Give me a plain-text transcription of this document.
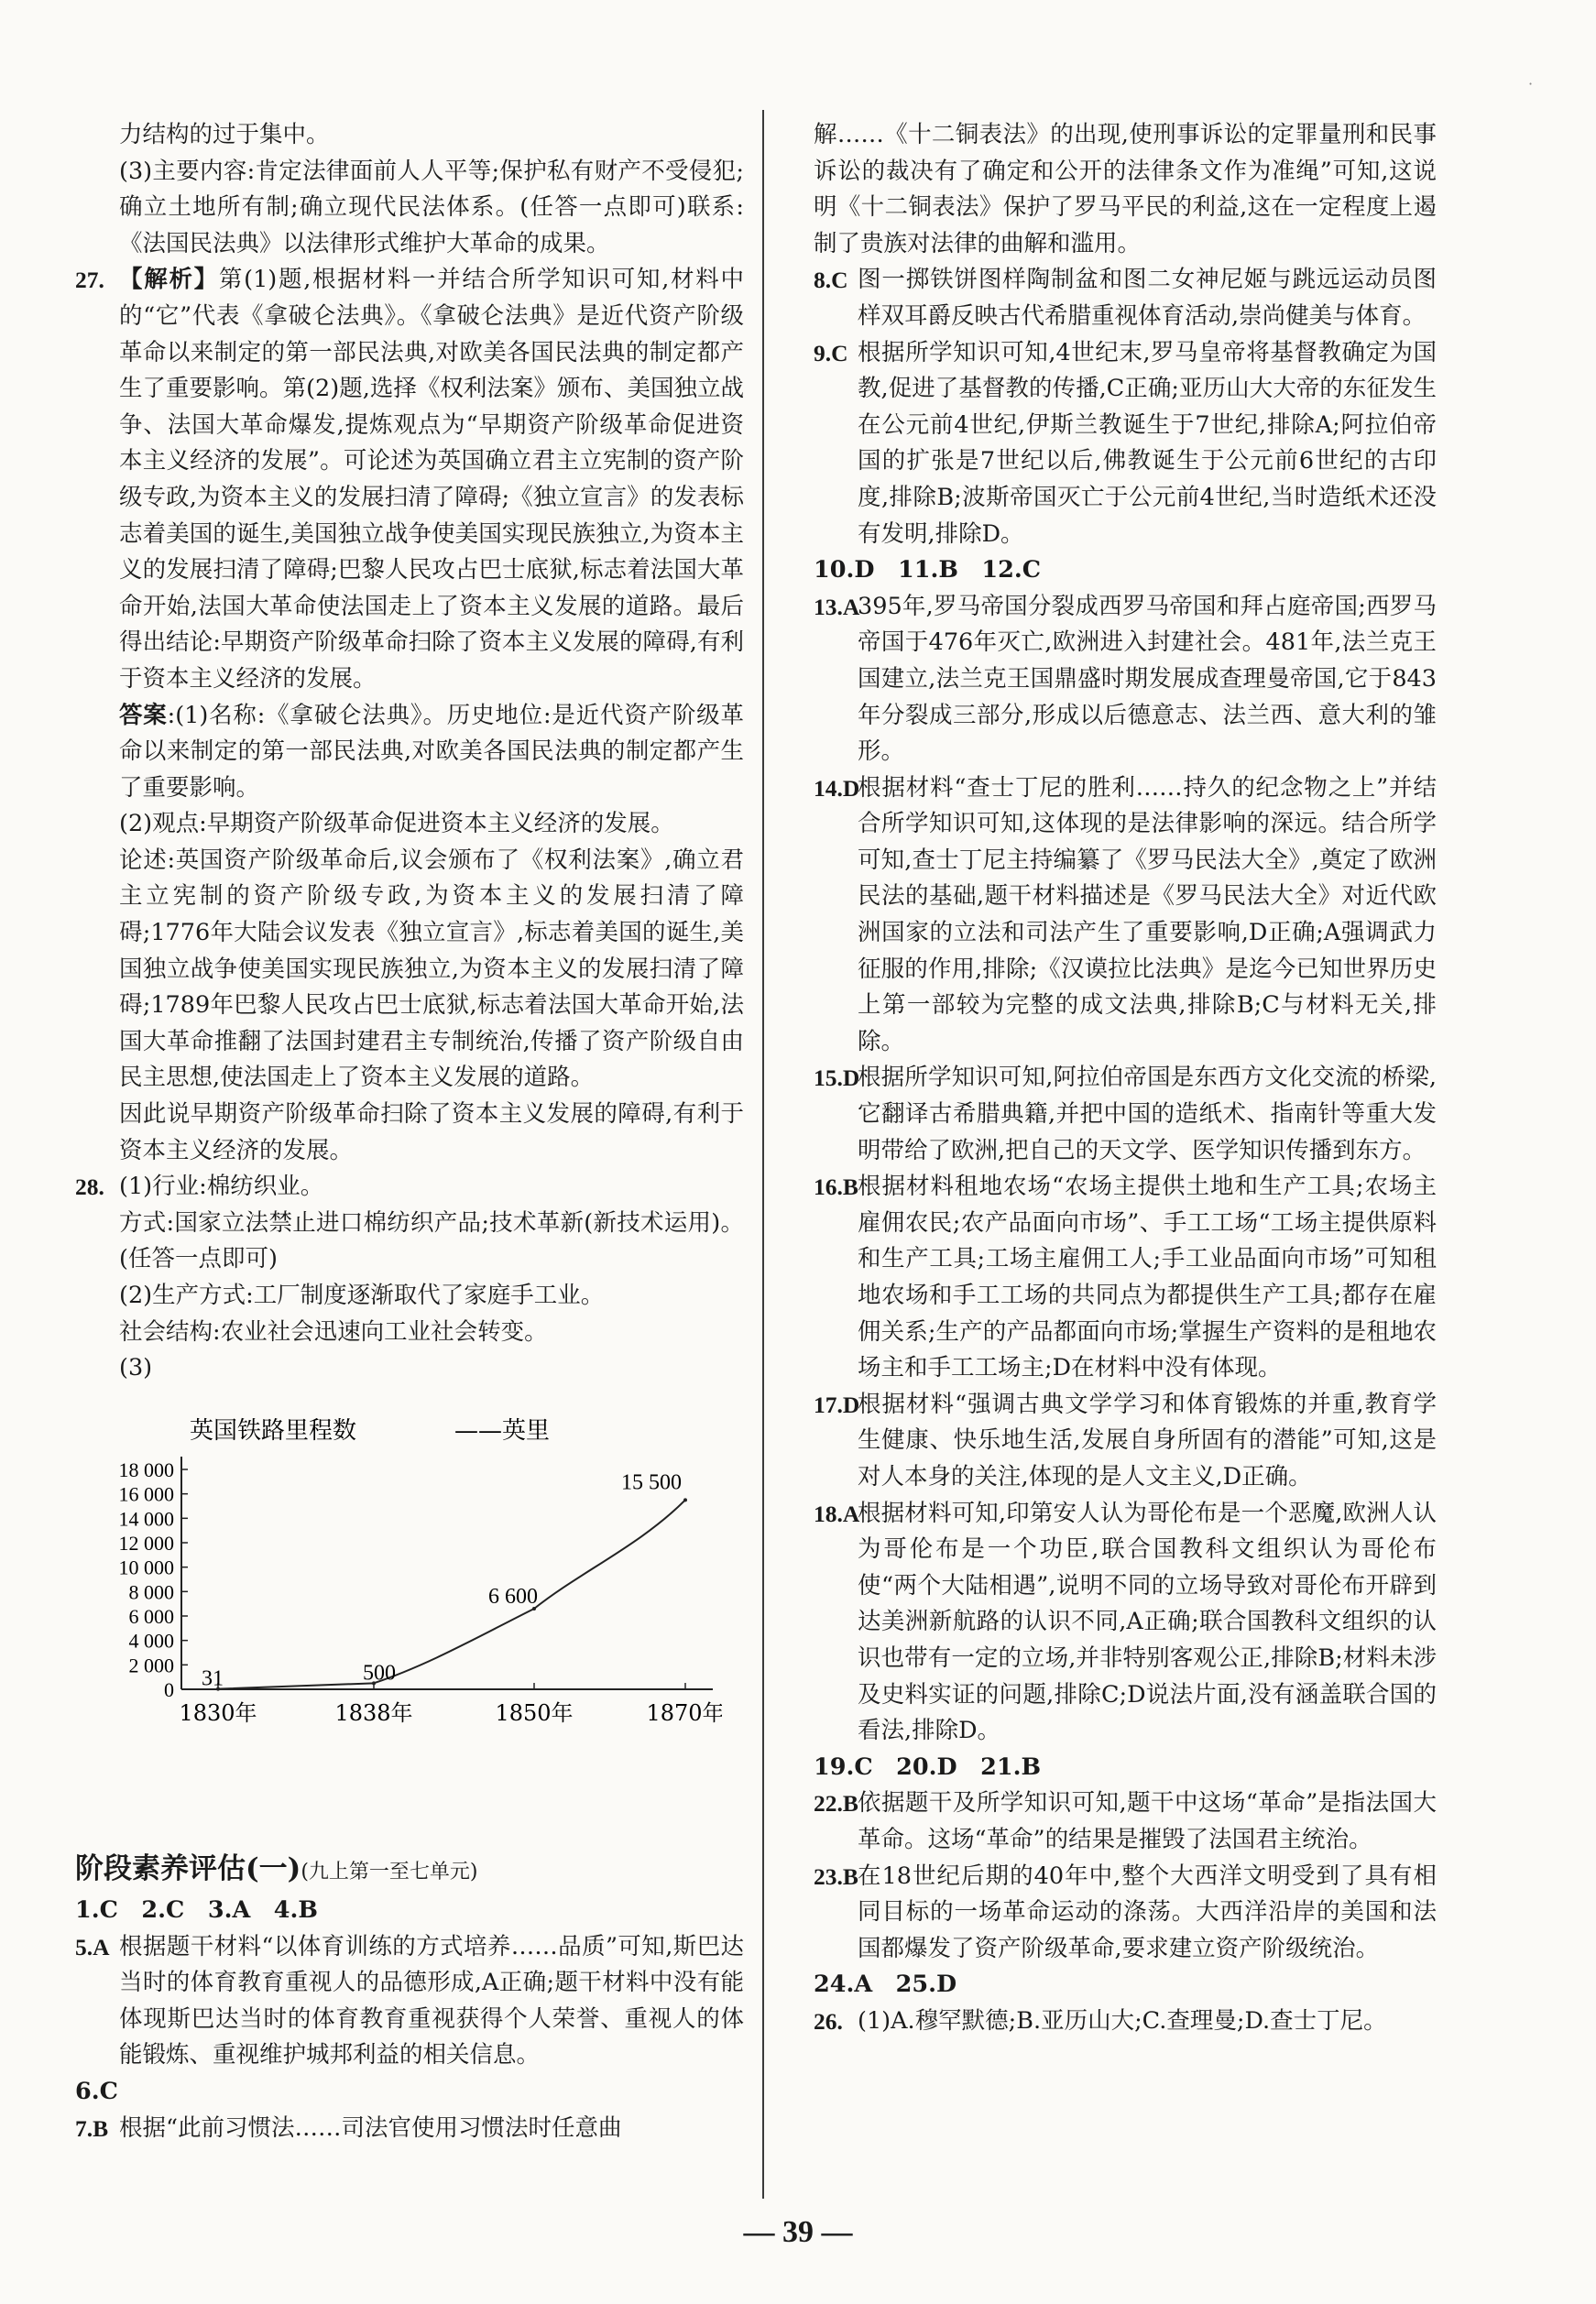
·

力结构的过于集中。

(3)主要内容:肯定法律面前人人平等;保护私有财产不受侵犯;确立土地所有制;确立现代民法体系。(任答一点即可)联系:《法国民法典》以法律形式维护大革命的成果。

27. 【解析】第(1)题,根据材料一并结合所学知识可知,材料中的“它”代表《拿破仑法典》。《拿破仑法典》是近代资产阶级革命以来制定的第一部民法典,对欧美各国民法典的制定都产生了重要影响。第(2)题,选择《权利法案》颁布、美国独立战争、法国大革命爆发,提炼观点为“早期资产阶级革命促进资本主义经济的发展”。可论述为英国确立君主立宪制的资产阶级专政,为资本主义的发展扫清了障碍;《独立宣言》的发表标志着美国的诞生,美国独立战争使美国实现民族独立,为资本主义的发展扫清了障碍;巴黎人民攻占巴士底狱,标志着法国大革命开始,法国大革命使法国走上了资本主义发展的道路。最后得出结论:早期资产阶级革命扫除了资本主义发展的障碍,有利于资本主义经济的发展。

答案:(1)名称:《拿破仑法典》。历史地位:是近代资产阶级革命以来制定的第一部民法典,对欧美各国民法典的制定都产生了重要影响。

(2)观点:早期资产阶级革命促进资本主义经济的发展。

论述:英国资产阶级革命后,议会颁布了《权利法案》,确立君主立宪制的资产阶级专政,为资本主义的发展扫清了障碍;1776年大陆会议发表《独立宣言》,标志着美国的诞生,美国独立战争使美国实现民族独立,为资本主义的发展扫清了障碍;1789年巴黎人民攻占巴士底狱,标志着法国大革命开始,法国大革命推翻了法国封建君主专制统治,传播了资产阶级自由民主思想,使法国走上了资本主义发展的道路。

因此说早期资产阶级革命扫除了资本主义发展的障碍,有利于资本主义经济的发展。

28. (1)行业:棉纺织业。

方式:国家立法禁止进口棉纺织产品;技术革新(新技术运用)。(任答一点即可)

(2)生产方式:工厂制度逐渐取代了家庭手工业。

社会结构:农业社会迅速向工业社会转变。

(3)

英国铁路里程数	——英里
0
2 000
4 000
6 000
8 000
10 000
12 000
14 000
16 000
18 000
1830年	1838年	1850年	1870年
31	500
6 600
15 500

解……《十二铜表法》的出现,使刑事诉讼的定罪量刑和民事诉讼的裁决有了确定和公开的法律条文作为准绳”可知,这说明《十二铜表法》保护了罗马平民的利益,这在一定程度上遏制了贵族对法律的曲解和滥用。

8.C 图一掷铁饼图样陶制盆和图二女神尼姬与跳远运动员图样双耳爵反映古代希腊重视体育活动,崇尚健美与体育。
9.C 根据所学知识可知,4世纪末,罗马皇帝将基督教确定为国教,促进了基督教的传播,C正确;亚历山大大帝的东征发生在公元前4世纪,伊斯兰教诞生于7世纪,排除A;阿拉伯帝国的扩张是7世纪以后,佛教诞生于公元前6世纪的古印度,排除B;波斯帝国灭亡于公元前4世纪,当时造纸术还没有发明,排除D。

10.D　11.B　12.C

13.A
395年,罗马帝国分裂成西罗马帝国和拜占庭帝国;西罗马帝国于476年灭亡,欧洲进入封建社会。481年,法兰克王国建立,法兰克王国鼎盛时期发展成查理曼帝国,它于843年分裂成三部分,形成以后德意志、法兰西、意大利的雏形。
14.D
根据材料“查士丁尼的胜利……持久的纪念物之上”并结合所学知识可知,这体现的是法律影响的深远。结合所学可知,查士丁尼主持编纂了《罗马民法大全》,奠定了欧洲民法的基础,题干材料描述是《罗马民法大全》对近代欧洲国家的立法和司法产生了重要影响,D正确;A强调武力征服的作用,排除;《汉谟拉比法典》是迄今已知世界历史上第一部较为完整的成文法典,排除B;C与材料无关,排除。
15.D
根据所学知识可知,阿拉伯帝国是东西方文化交流的桥梁,它翻译古希腊典籍,并把中国的造纸术、指南针等重大发明带给了欧洲,把自己的天文学、医学知识传播到东方。
16.B 根据材料租地农场“农场主提供土地和生产工具;农场主雇佣农民;农产品面向市场”、手工工场“工场主提供原料和生产工具;工场主雇佣工人;手工业品面向市场”可知租地农场和手工工场的共同点为都提供生产工具;都存在雇佣关系;生产的产品都面向市场;掌握生产资料的是租地农场主和手工工场主;D在材料中没有体现。
17.D
根据材料“强调古典文学学习和体育锻炼的并重,教育学生健康、快乐地生活,发展自身所固有的潜能”可知,这是对人本身的关注,体现的是人文主义,D正确。
18.A
根据材料可知,印第安人认为哥伦布是一个恶魔,欧洲人认为哥伦布是一个功臣,联合国教科文组织认为哥伦布使“两个大陆相遇”,说明不同的立场导致对哥伦布开辟到达美洲新航路的认识不同,A正确;联合国教科文组织的认识也带有一定的立场,并非特别客观公正,排除B;材料未涉及史料实证的问题,排除C;D说法片面,没有涵盖联合国的看法,排除D。

19.C　20.D　21.B

22.B 依据题干及所学知识可知,题干中这场“革命”是指法国大革命。这场“革命”的结果是摧毁了法国君主统治。
23.B 在18世纪后期的40年中,整个大西洋文明受到了具有相同目标的一场革命运动的涤荡。大西洋沿岸的美国和法国都爆发了资产阶级革命,要求建立资产阶级统治。

24.A　25.D

26. (1)A.穆罕默德;B.亚历山大;C.查理曼;D.查士丁尼。
阶段素养评估(一)(九上第一至七单元)

1.C　2.C　3.A　4.B

5.A 根据题干材料“以体育训练的方式培养……品质”可知,斯巴达当时的体育教育重视人的品德形成,A正确;题干材料中没有能体现斯巴达当时的体育教育重视获得个人荣誉、重视人的体能锻炼、重视维护城邦利益的相关信息。

6.C

7.B 根据“此前习惯法……司法官使用习惯法时任意曲
— 39 —
